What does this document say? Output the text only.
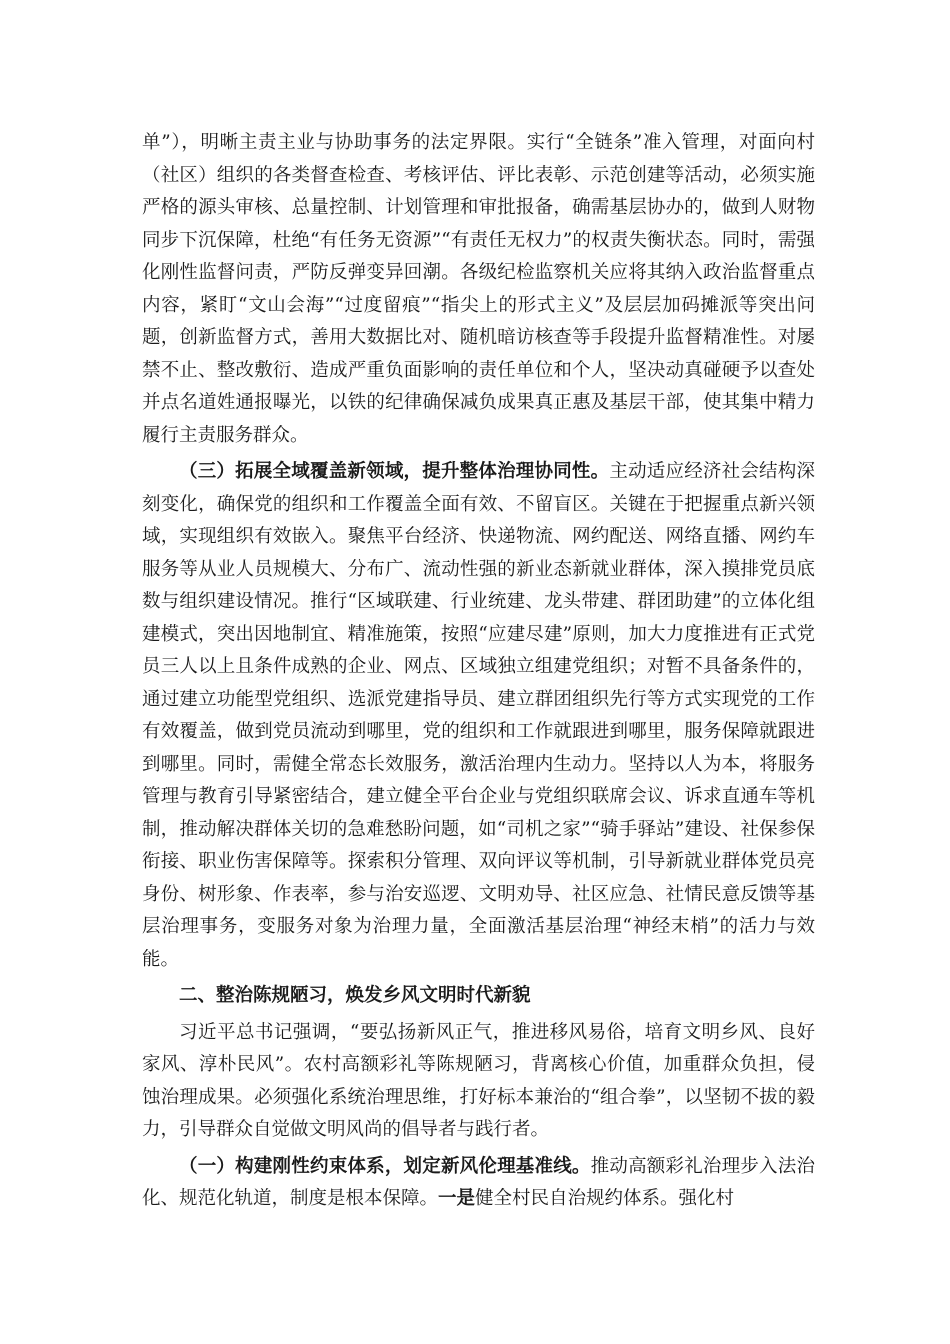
单”），明晰主责主业与协助事务的法定界限。实行“全链条”准入管理，对面向村（社区）组织的各类督查检查、考核评估、评比表彰、示范创建等活动，必须实施严格的源头审核、总量控制、计划管理和审批报备，确需基层协办的，做到人财物同步下沉保障，杜绝“有任务无资源”“有责任无权力”的权责失衡状态。同时，需强化刚性监督问责，严防反弹变异回潮。各级纪检监察机关应将其纳入政治监督重点内容，紧盯“文山会海”“过度留痕”“指尖上的形式主义”及层层加码摊派等突出问题，创新监督方式，善用大数据比对、随机暗访核查等手段提升监督精准性。对屡禁不止、整改敷衍、造成严重负面影响的责任单位和个人，坚决动真碰硬予以查处并点名道姓通报曝光，以铁的纪律确保减负成果真正惠及基层干部，使其集中精力履行主责服务群众。

（三）拓展全域覆盖新领域，提升整体治理协同性。主动适应经济社会结构深刻变化，确保党的组织和工作覆盖全面有效、不留盲区。关键在于把握重点新兴领域，实现组织有效嵌入。聚焦平台经济、快递物流、网约配送、网络直播、网约车服务等从业人员规模大、分布广、流动性强的新业态新就业群体，深入摸排党员底数与组织建设情况。推行“区域联建、行业统建、龙头带建、群团助建”的立体化组建模式，突出因地制宜、精准施策，按照“应建尽建”原则，加大力度推进有正式党员三人以上且条件成熟的企业、网点、区域独立组建党组织；对暂不具备条件的，通过建立功能型党组织、选派党建指导员、建立群团组织先行等方式实现党的工作有效覆盖，做到党员流动到哪里，党的组织和工作就跟进到哪里，服务保障就跟进到哪里。同时，需健全常态长效服务，激活治理内生动力。坚持以人为本，将服务管理与教育引导紧密结合，建立健全平台企业与党组织联席会议、诉求直通车等机制，推动解决群体关切的急难愁盼问题，如“司机之家”“骑手驿站”建设、社保参保衔接、职业伤害保障等。探索积分管理、双向评议等机制，引导新就业群体党员亮身份、树形象、作表率，参与治安巡逻、文明劝导、社区应急、社情民意反馈等基层治理事务，变服务对象为治理力量，全面激活基层治理“神经末梢”的活力与效能。

二、整治陈规陋习，焕发乡风文明时代新貌

习近平总书记强调，“要弘扬新风正气，推进移风易俗，培育文明乡风、良好家风、淳朴民风”。农村高额彩礼等陈规陋习，背离核心价值，加重群众负担，侵蚀治理成果。必须强化系统治理思维，打好标本兼治的“组合拳”，以坚韧不拔的毅力，引导群众自觉做文明风尚的倡导者与践行者。

（一）构建刚性约束体系，划定新风伦理基准线。推动高额彩礼治理步入法治化、规范化轨道，制度是根本保障。一是健全村民自治规约体系。强化村
